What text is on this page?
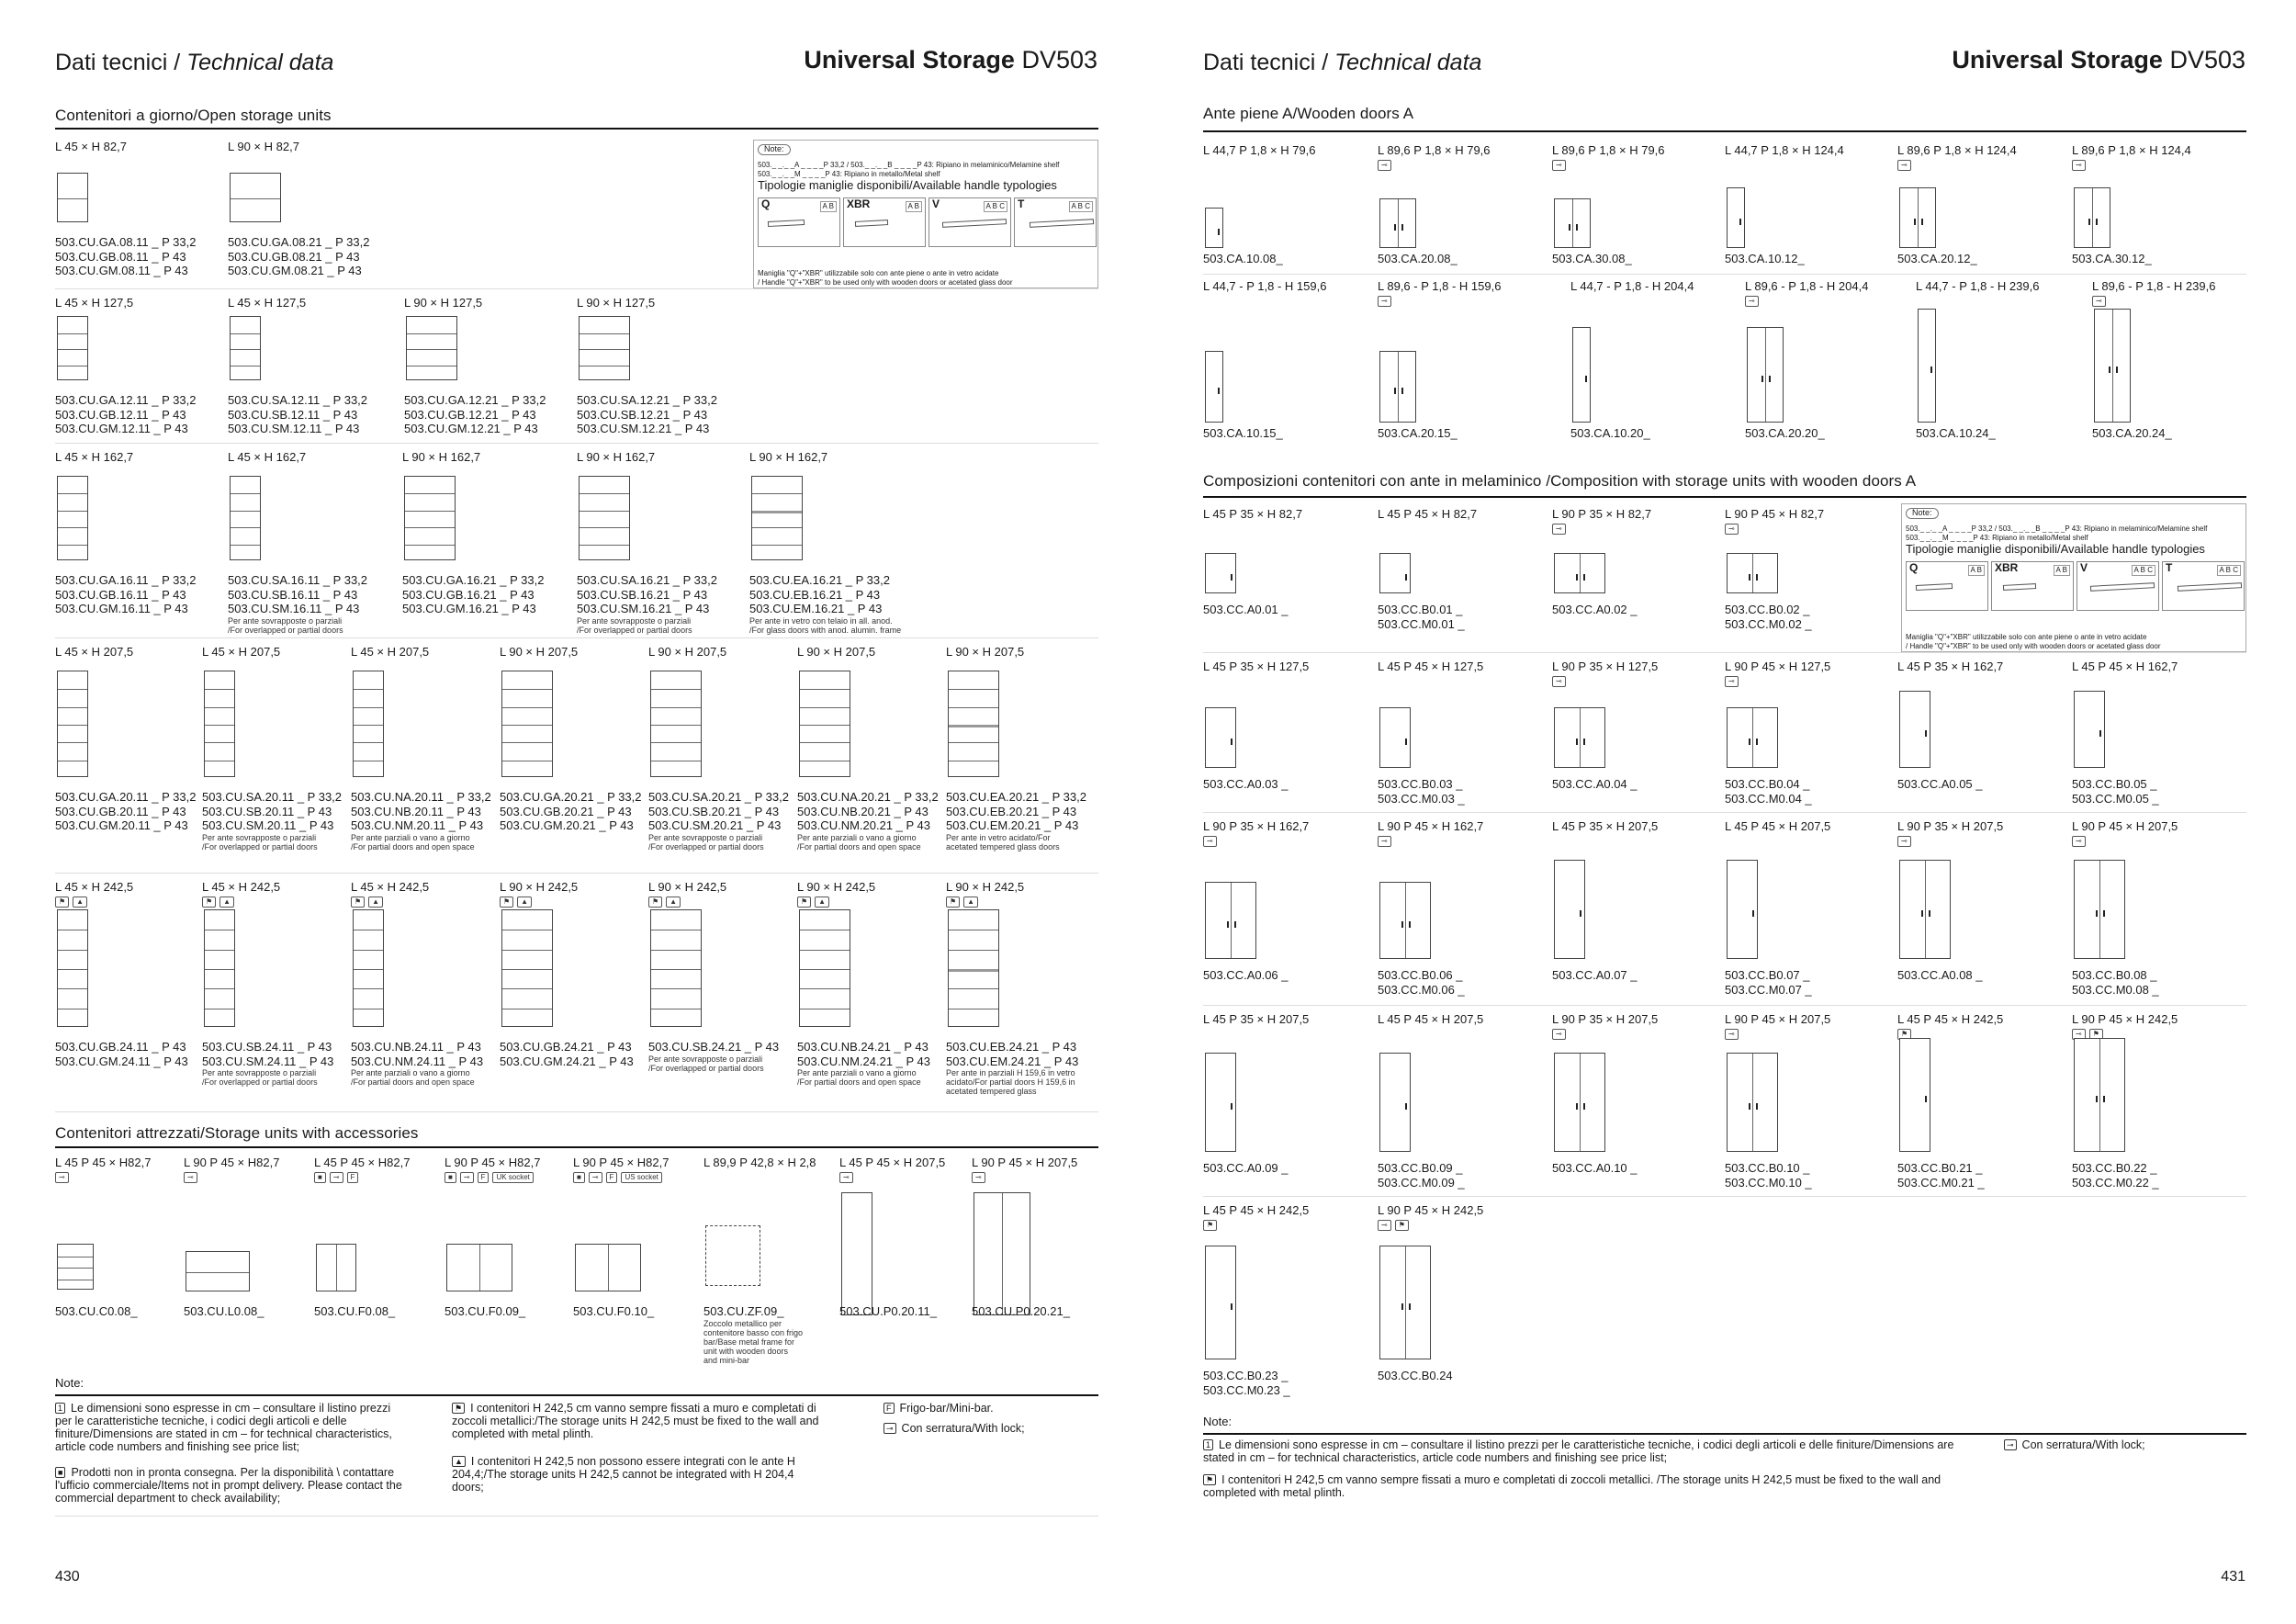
Dati tecnici / Technical data	Universal Storage DV503
Contenitori a giorno/Open storage units
L 45 × H 82,7
503.CU.GA.08.11 _ P 33,2
503.CU.GB.08.11 _ P 43
503.CU.GM.08.11 _ P 43
L 90 × H 82,7
503.CU.GA.08.21 _ P 33,2
503.CU.GB.08.21 _ P 43
503.CU.GM.08.21 _ P 43
L 45 × H 127,5
503.CU.GA.12.11 _ P 33,2
503.CU.GB.12.11 _ P 43
503.CU.GM.12.11 _ P 43
L 45 × H 127,5
503.CU.SA.12.11 _ P 33,2
503.CU.SB.12.11 _ P 43
503.CU.SM.12.11 _ P 43
L 90 × H 127,5
503.CU.GA.12.21 _ P 33,2
503.CU.GB.12.21 _ P 43
503.CU.GM.12.21 _ P 43
L 90 × H 127,5
503.CU.SA.12.21 _ P 33,2
503.CU.SB.12.21 _ P 43
503.CU.SM.12.21 _ P 43
L 45 × H 162,7
503.CU.GA.16.11 _ P 33,2
503.CU.GB.16.11 _ P 43
503.CU.GM.16.11 _ P 43
L 45 × H 162,7
503.CU.SA.16.11 _ P 33,2
503.CU.SB.16.11 _ P 43
503.CU.SM.16.11 _ P 43
Per ante sovrapposte o parziali
/For overlapped or partial doors
L 90 × H 162,7
503.CU.GA.16.21 _ P 33,2
503.CU.GB.16.21 _ P 43
503.CU.GM.16.21 _ P 43
L 90 × H 162,7
503.CU.SA.16.21 _ P 33,2
503.CU.SB.16.21 _ P 43
503.CU.SM.16.21 _ P 43
Per ante sovrapposte o parziali
/For overlapped or partial doors
L 90 × H 162,7
503.CU.EA.16.21 _ P 33,2
503.CU.EB.16.21 _ P 43
503.CU.EM.16.21 _ P 43
Per ante in vetro con telaio in all. anod.
/For glass doors with anod. alumin. frame
L 45 × H 207,5
503.CU.GA.20.11 _ P 33,2
503.CU.GB.20.11 _ P 43
503.CU.GM.20.11 _ P 43
L 45 × H 207,5
503.CU.SA.20.11 _ P 33,2
503.CU.SB.20.11 _ P 43
503.CU.SM.20.11 _ P 43
Per ante sovrapposte o parziali
/For overlapped or partial doors
L 45 × H 207,5
503.CU.NA.20.11 _ P 33,2
503.CU.NB.20.11 _ P 43
503.CU.NM.20.11 _ P 43
Per ante parziali o vano a giorno
/For partial doors and open space
L 90 × H 207,5
503.CU.GA.20.21 _ P 33,2
503.CU.GB.20.21 _ P 43
503.CU.GM.20.21 _ P 43
L 90 × H 207,5
503.CU.SA.20.21 _ P 33,2
503.CU.SB.20.21 _ P 43
503.CU.SM.20.21 _ P 43
Per ante sovrapposte o parziali
/For overlapped or partial doors
L 90 × H 207,5
503.CU.NA.20.21 _ P 33,2
503.CU.NB.20.21 _ P 43
503.CU.NM.20.21 _ P 43
Per ante parziali o vano a giorno
/For partial doors and open space
L 90 × H 207,5
503.CU.EA.20.21 _ P 33,2
503.CU.EB.20.21 _ P 43
503.CU.EM.20.21 _ P 43
Per ante in vetro acidato/For
acetated tempered glass doors
L 45 × H 242,5
⚑	▲
503.CU.GB.24.11 _ P 43
503.CU.GM.24.11 _ P 43
L 45 × H 242,5
⚑	▲
503.CU.SB.24.11 _ P 43
503.CU.SM.24.11 _ P 43
Per ante sovrapposte o parziali
/For overlapped or partial doors
L 45 × H 242,5
⚑	▲
503.CU.NB.24.11 _ P 43
503.CU.NM.24.11 _ P 43
Per ante parziali o vano a giorno
/For partial doors and open space
L 90 × H 242,5
⚑	▲
503.CU.GB.24.21 _ P 43
503.CU.GM.24.21 _ P 43
L 90 × H 242,5
⚑	▲
503.CU.SB.24.21 _ P 43
Per ante sovrapposte o parziali
/For overlapped or partial doors
L 90 × H 242,5
⚑	▲
503.CU.NB.24.21 _ P 43
503.CU.NM.24.21 _ P 43
Per ante parziali o vano a giorno
/For partial doors and open space
L 90 × H 242,5
⚑	▲
503.CU.EB.24.21 _ P 43
503.CU.EM.24.21 _ P 43
Per ante in parziali H 159,6 in vetro
acidato/For partial doors H 159,6 in
acetated tempered glass
Note:
503._ _._ _A _ _ _ _P 33,2 / 503._ _._ _B _ _ _ _P 43: Ripiano in melaminico/Melamine shelf
503._ _._ _M _ _ _ _P 43: Ripiano in metallo/Metal shelf
Tipologie maniglie disponibili/Available handle typologies
Q	A B XBR	A B V	A B C T	A B C
Maniglia "Q"+"XBR" utilizzabile solo con ante piene o ante in vetro acidate
/ Handle "Q"+"XBR" to be used only with wooden doors or acetated glass door
Contenitori attrezzati/Storage units with accessories
L 45 P 45 × H82,7
⊸
503.CU.C0.08_
L 90 P 45 × H82,7
⊸
503.CU.L0.08_
L 45 P 45 × H82,7
■	⊸	F
503.CU.F0.08_
L 90 P 45 × H82,7
■	⊸	F	UK socket
503.CU.F0.09_
L 90 P 45 × H82,7
■	⊸	F	US socket
503.CU.F0.10_
L 89,9 P 42,8 × H 2,8
503.CU.ZF.09_
Zoccolo metallico per
contenitore basso con frigo
bar/Base metal frame for
unit with wooden doors
and mini-bar
L 45 P 45 × H 207,5
⊸
503.CU.P0.20.11_
L 90 P 45 × H 207,5
⊸
503.CU.P0.20.21_
Note:
1 Le dimensioni sono espresse in cm – consultare il listino prezzi per le caratteristiche tecniche, i codici degli articoli e delle finiture/Dimensions are stated in cm – for technical characteristics, article code numbers and finishing see price list;
■ Prodotti non in pronta consegna. Per la disponibilità \ contattare l'ufficio commerciale/Items not in prompt delivery. Please contact the commercial department to check availability;
⚑ I contenitori H 242,5 cm vanno sempre fissati a muro e completati di zoccoli metallici:/The storage units H 242,5 must be fixed to the wall and completed with metal plinth.
▲ I contenitori H 242,5 non possono essere integrati con le ante H 204,4;/The storage units H 242,5 cannot be integrated with H 204,4 doors;
F Frigo-bar/Mini-bar.
⊸ Con serratura/With lock;
430
Dati tecnici / Technical data	Universal Storage DV503
Ante piene A/Wooden doors A
L 44,7 P 1,8 × H 79,6
503.CA.10.08_
L 89,6 P 1,8 × H 79,6
⊸
503.CA.20.08_
L 89,6 P 1,8 × H 79,6
⊸
503.CA.30.08_
L 44,7 P 1,8 × H 124,4
503.CA.10.12_
L 89,6 P 1,8 × H 124,4
⊸
503.CA.20.12_
L 89,6 P 1,8 × H 124,4
⊸
503.CA.30.12_
L 44,7 - P 1,8 - H 159,6
503.CA.10.15_
L 89,6 - P 1,8 - H 159,6
⊸
503.CA.20.15_
L 44,7 - P 1,8 - H 204,4
503.CA.10.20_
L 89,6 - P 1,8 - H 204,4
⊸
503.CA.20.20_
L 44,7 - P 1,8 - H 239,6
503.CA.10.24_
L 89,6 - P 1,8 - H 239,6
⊸
503.CA.20.24_
Composizioni contenitori con ante in melaminico /Composition with storage units with wooden doors A
L 45 P 35 × H 82,7
503.CC.A0.01 _
L 45 P 45 × H 82,7
503.CC.B0.01 _
503.CC.M0.01 _
L 90 P 35 × H 82,7
⊸
503.CC.A0.02 _
L 90 P 45 × H 82,7
⊸
503.CC.B0.02 _
503.CC.M0.02 _
L 45 P 35 × H 127,5
503.CC.A0.03 _
L 45 P 45 × H 127,5
503.CC.B0.03 _
503.CC.M0.03 _
L 90 P 35 × H 127,5
⊸
503.CC.A0.04 _
L 90 P 45 × H 127,5
⊸
503.CC.B0.04 _
503.CC.M0.04 _
L 45 P 35 × H 162,7
503.CC.A0.05 _
L 45 P 45 × H 162,7
503.CC.B0.05 _
503.CC.M0.05 _
L 90 P 35 × H 162,7
⊸
503.CC.A0.06 _
L 90 P 45 × H 162,7
⊸
503.CC.B0.06 _
503.CC.M0.06 _
L 45 P 35 × H 207,5
503.CC.A0.07 _
L 45 P 45 × H 207,5
503.CC.B0.07 _
503.CC.M0.07 _
L 90 P 35 × H 207,5
⊸
503.CC.A0.08 _
L 90 P 45 × H 207,5
⊸
503.CC.B0.08 _
503.CC.M0.08 _
L 45 P 35 × H 207,5
503.CC.A0.09 _
L 45 P 45 × H 207,5
503.CC.B0.09 _
503.CC.M0.09 _
L 90 P 35 × H 207,5
⊸
503.CC.A0.10 _
L 90 P 45 × H 207,5
⊸
503.CC.B0.10 _
503.CC.M0.10 _
L 45 P 45 × H 242,5
⚑
503.CC.B0.21 _
503.CC.M0.21 _
L 90 P 45 × H 242,5
⊸	⚑
503.CC.B0.22 _
503.CC.M0.22 _
L 45 P 45 × H 242,5
⚑
503.CC.B0.23 _
503.CC.M0.23 _
L 90 P 45 × H 242,5
⊸	⚑
503.CC.B0.24
Note:
503._ _._ _A _ _ _ _P 33,2 / 503._ _._ _B _ _ _ _P 43: Ripiano in melaminico/Melamine shelf
503._ _._ _M _ _ _ _P 43: Ripiano in metallo/Metal shelf
Tipologie maniglie disponibili/Available handle typologies
Q	A B XBR	A B V	A B C T	A B C
Maniglia "Q"+"XBR" utilizzabile solo con ante piene o ante in vetro acidate
/ Handle "Q"+"XBR" to be used only with wooden doors or acetated glass door
Note:
1 Le dimensioni sono espresse in cm – consultare il listino prezzi per le caratteristiche tecniche, i codici degli articoli e delle finiture/Dimensions are stated in cm – for technical characteristics, article code numbers and finishing see price list;
⚑ I contenitori H 242,5 cm vanno sempre fissati a muro e completati di zoccoli metallici. /The storage units H 242,5 must be fixed to the wall and completed with metal plinth.
⊸ Con serratura/With lock;
431
